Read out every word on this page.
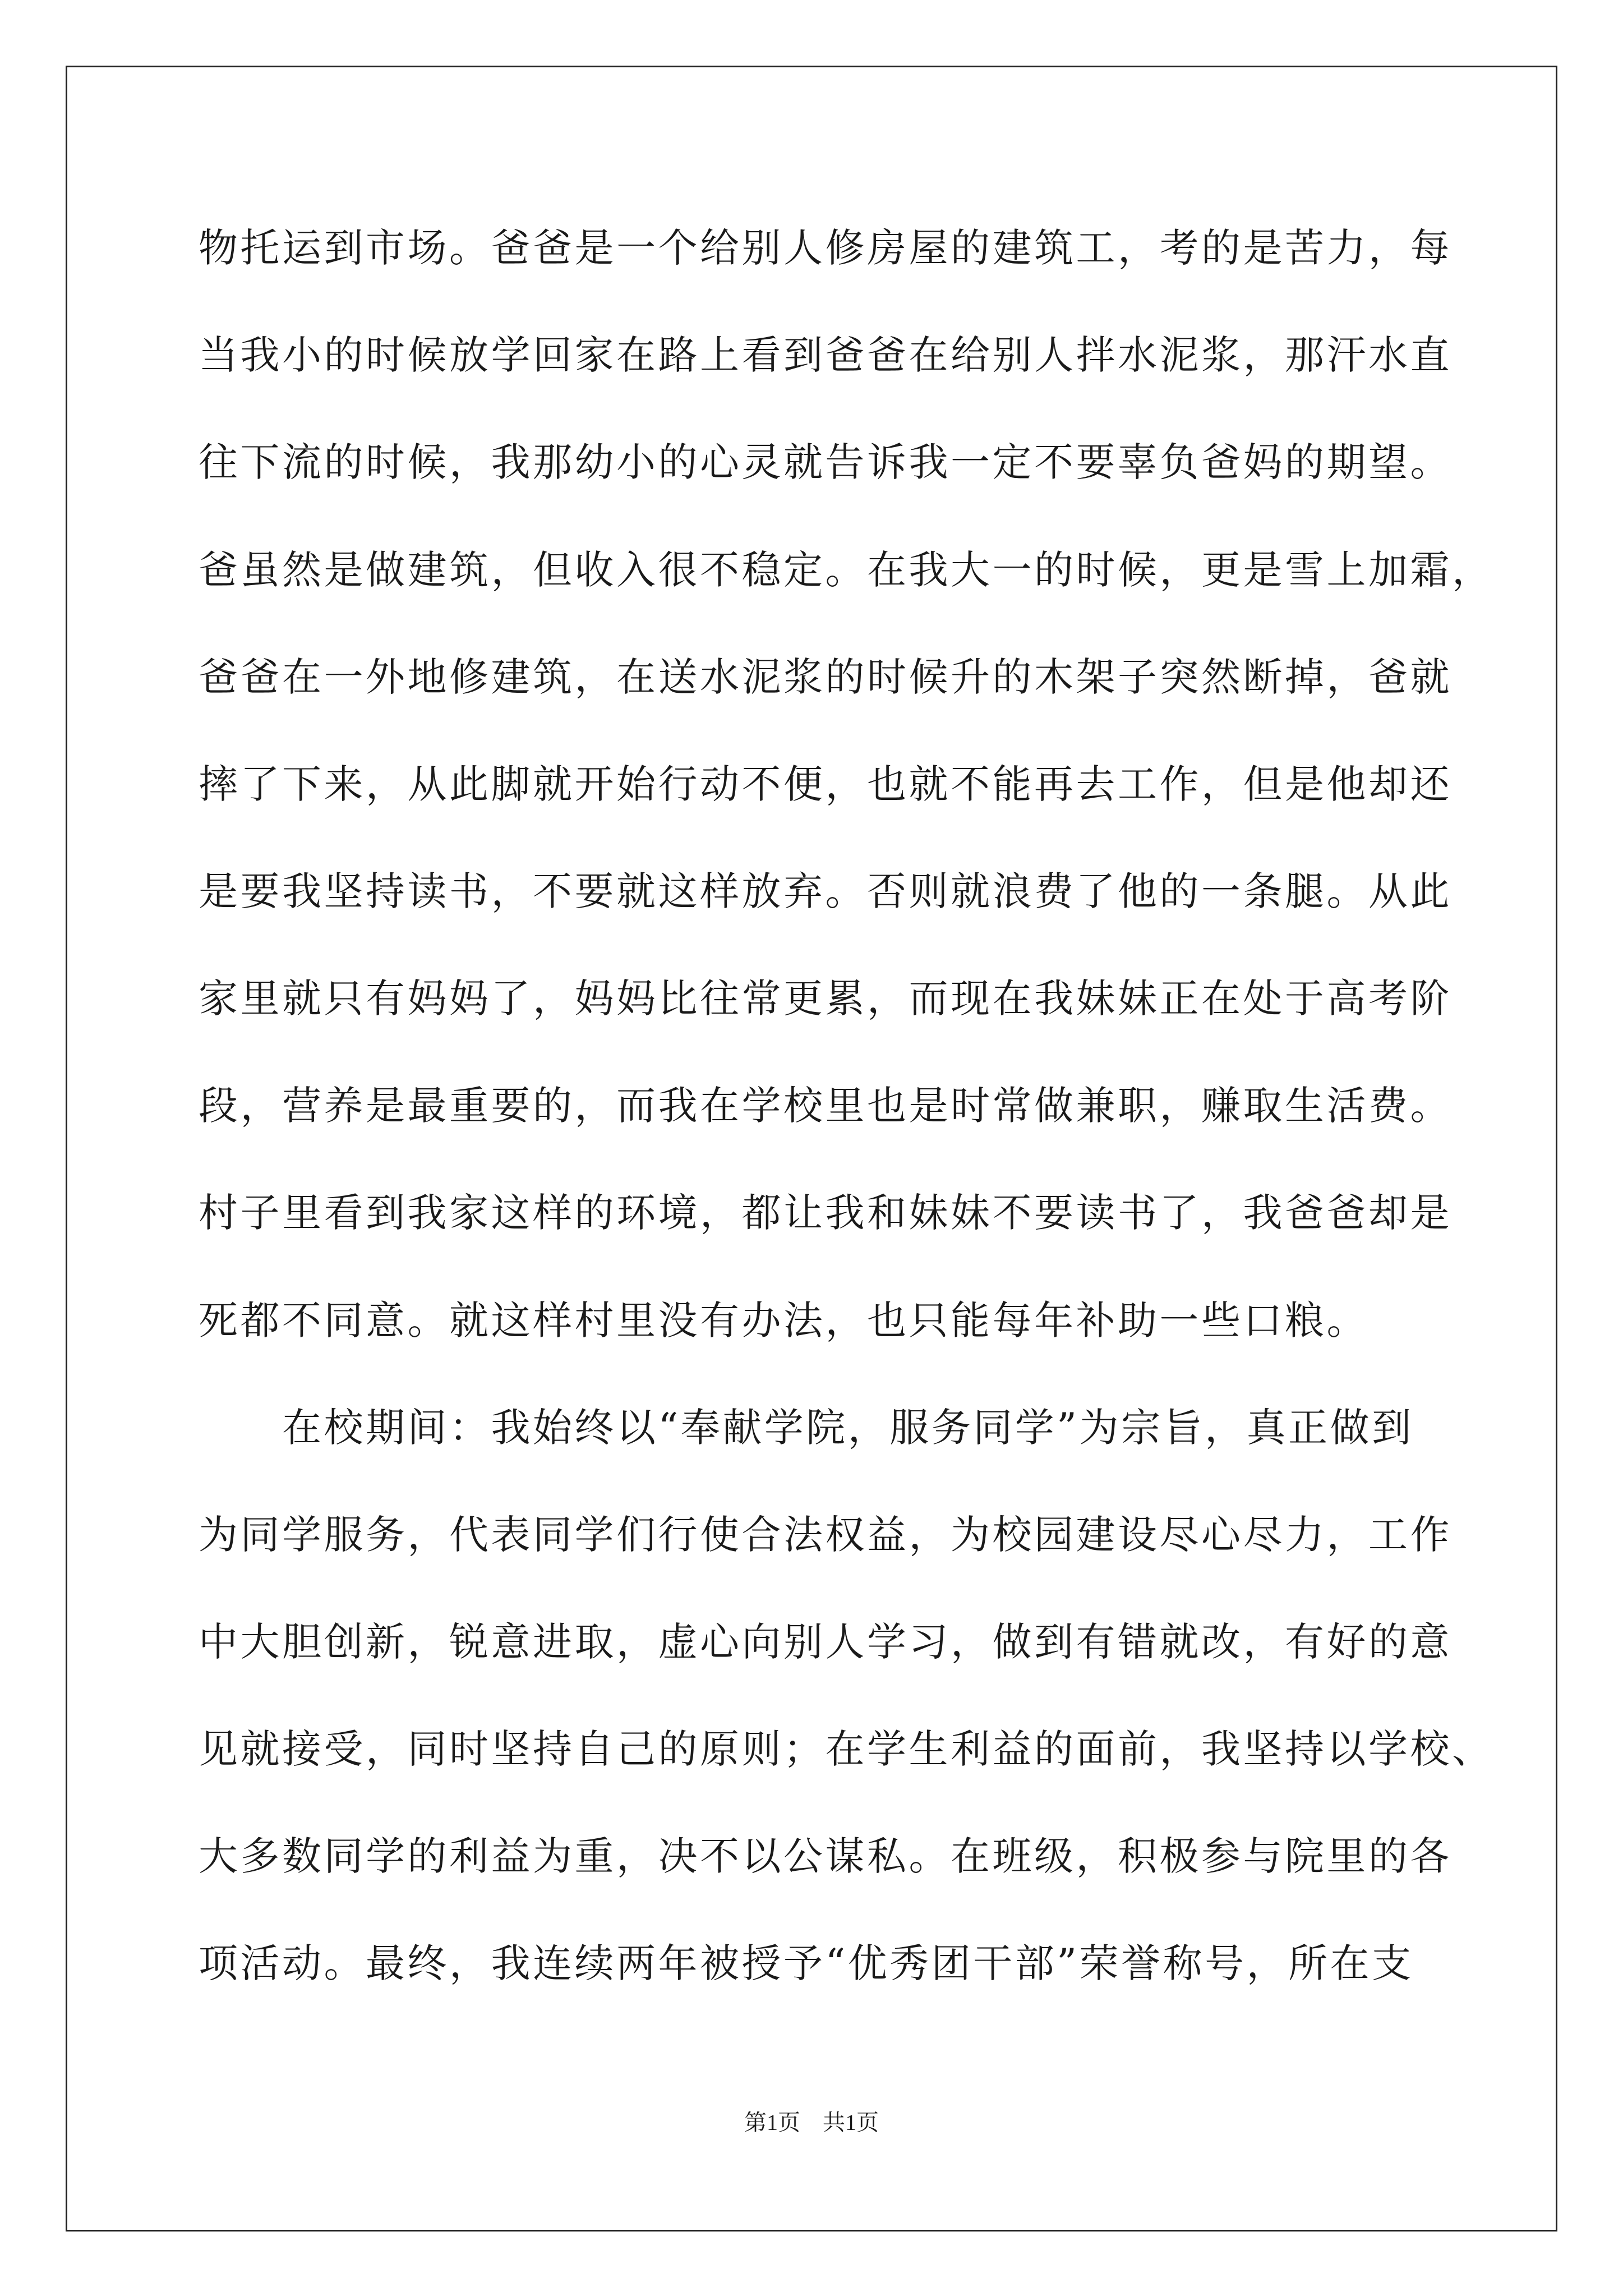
物托运到市场。爸爸是一个给别人修房屋的建筑工，考的是苦力，每
当我小的时候放学回家在路上看到爸爸在给别人拌水泥浆，那汗水直
往下流的时候，我那幼小的心灵就告诉我一定不要辜负爸妈的期望。
爸虽然是做建筑，但收入很不稳定。在我大一的时候，更是雪上加霜，
爸爸在一外地修建筑，在送水泥浆的时候升的木架子突然断掉，爸就
摔了下来，从此脚就开始行动不便，也就不能再去工作，但是他却还
是要我坚持读书，不要就这样放弃。否则就浪费了他的一条腿。从此
家里就只有妈妈了，妈妈比往常更累，而现在我妹妹正在处于高考阶
段，营养是最重要的，而我在学校里也是时常做兼职，赚取生活费。
村子里看到我家这样的环境，都让我和妹妹不要读书了，我爸爸却是
死都不同意。就这样村里没有办法，也只能每年补助一些口粮。
　　在校期间：我始终以“奉献学院，服务同学”为宗旨，真正做到
为同学服务，代表同学们行使合法权益，为校园建设尽心尽力，工作
中大胆创新，锐意进取，虚心向别人学习，做到有错就改，有好的意
见就接受，同时坚持自己的原则；在学生利益的面前，我坚持以学校、
大多数同学的利益为重，决不以公谋私。在班级，积极参与院里的各
项活动。最终，我连续两年被授予“优秀团干部”荣誉称号，所在支
第1页　共1页
